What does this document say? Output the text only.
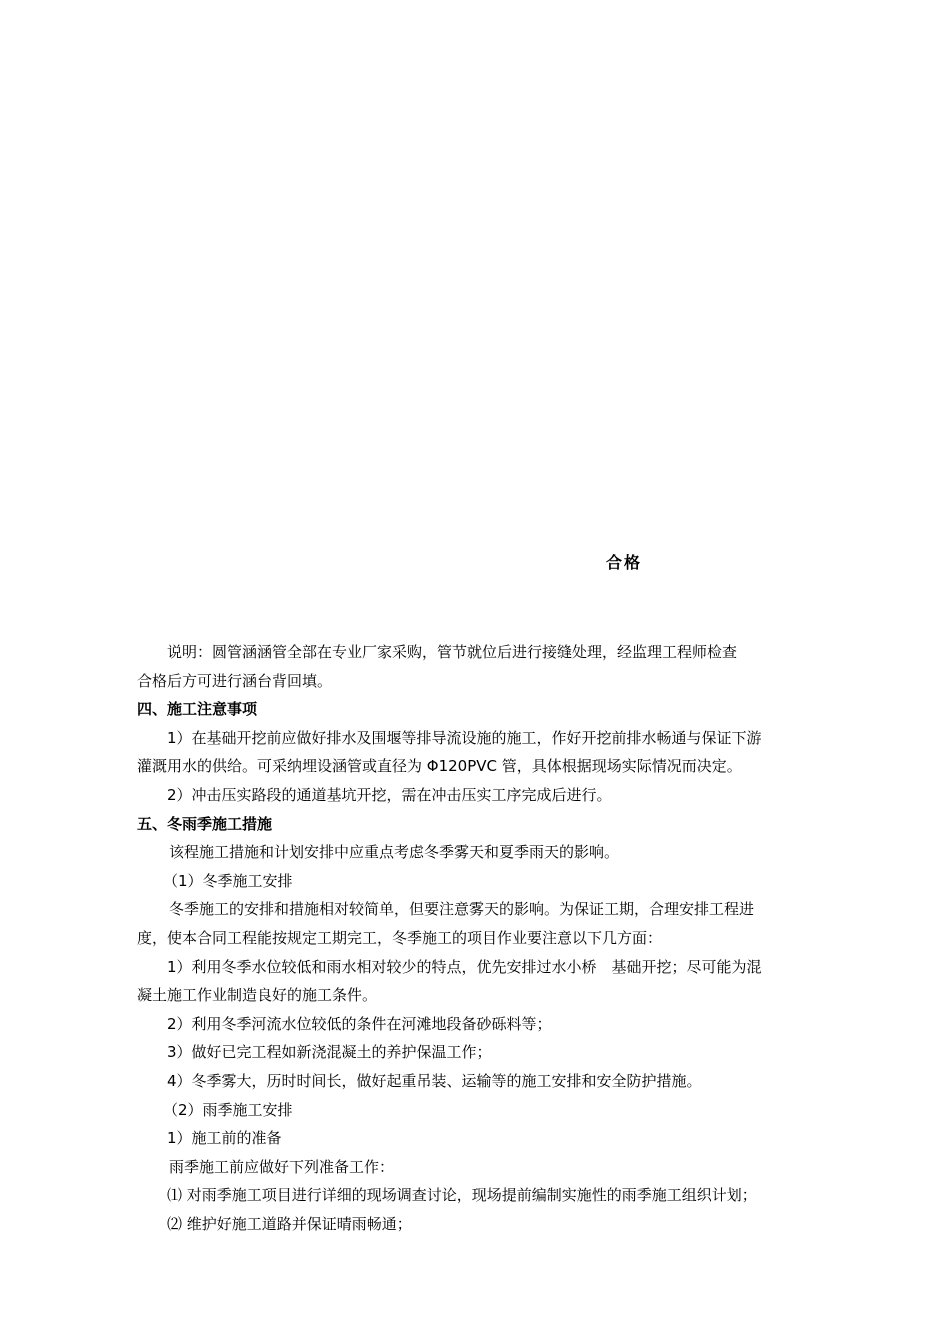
合格

说明：圆管涵涵管全部在专业厂家采购，管节就位后进行接缝处理，经监理工程师检查

合格后方可进行涵台背回填。

四、施工注意事项

1）在基础开挖前应做好排水及围堰等排导流设施的施工，作好开挖前排水畅通与保证下游

灌溉用水的供给。可采纳埋设涵管或直径为 Φ120PVC 管，具体根据现场实际情况而决定。

2）冲击压实路段的通道基坑开挖，需在冲击压实工序完成后进行。

五、冬雨季施工措施

该程施工措施和计划安排中应重点考虑冬季雾天和夏季雨天的影响。

（1）冬季施工安排

冬季施工的安排和措施相对较简单，但要注意雾天的影响。为保证工期，合理安排工程进

度，使本合同工程能按规定工期完工，冬季施工的项目作业要注意以下几方面：

1）利用冬季水位较低和雨水相对较少的特点，优先安排过水小桥　基础开挖；尽可能为混

凝土施工作业制造良好的施工条件。

2）利用冬季河流水位较低的条件在河滩地段备砂砾料等；

3）做好已完工程如新浇混凝土的养护保温工作；

4）冬季雾大，历时时间长，做好起重吊装、运输等的施工安排和安全防护措施。

（2）雨季施工安排

1）施工前的准备

雨季施工前应做好下列准备工作：

⑴ 对雨季施工项目进行详细的现场调查讨论，现场提前编制实施性的雨季施工组织计划；

⑵ 维护好施工道路并保证晴雨畅通；
